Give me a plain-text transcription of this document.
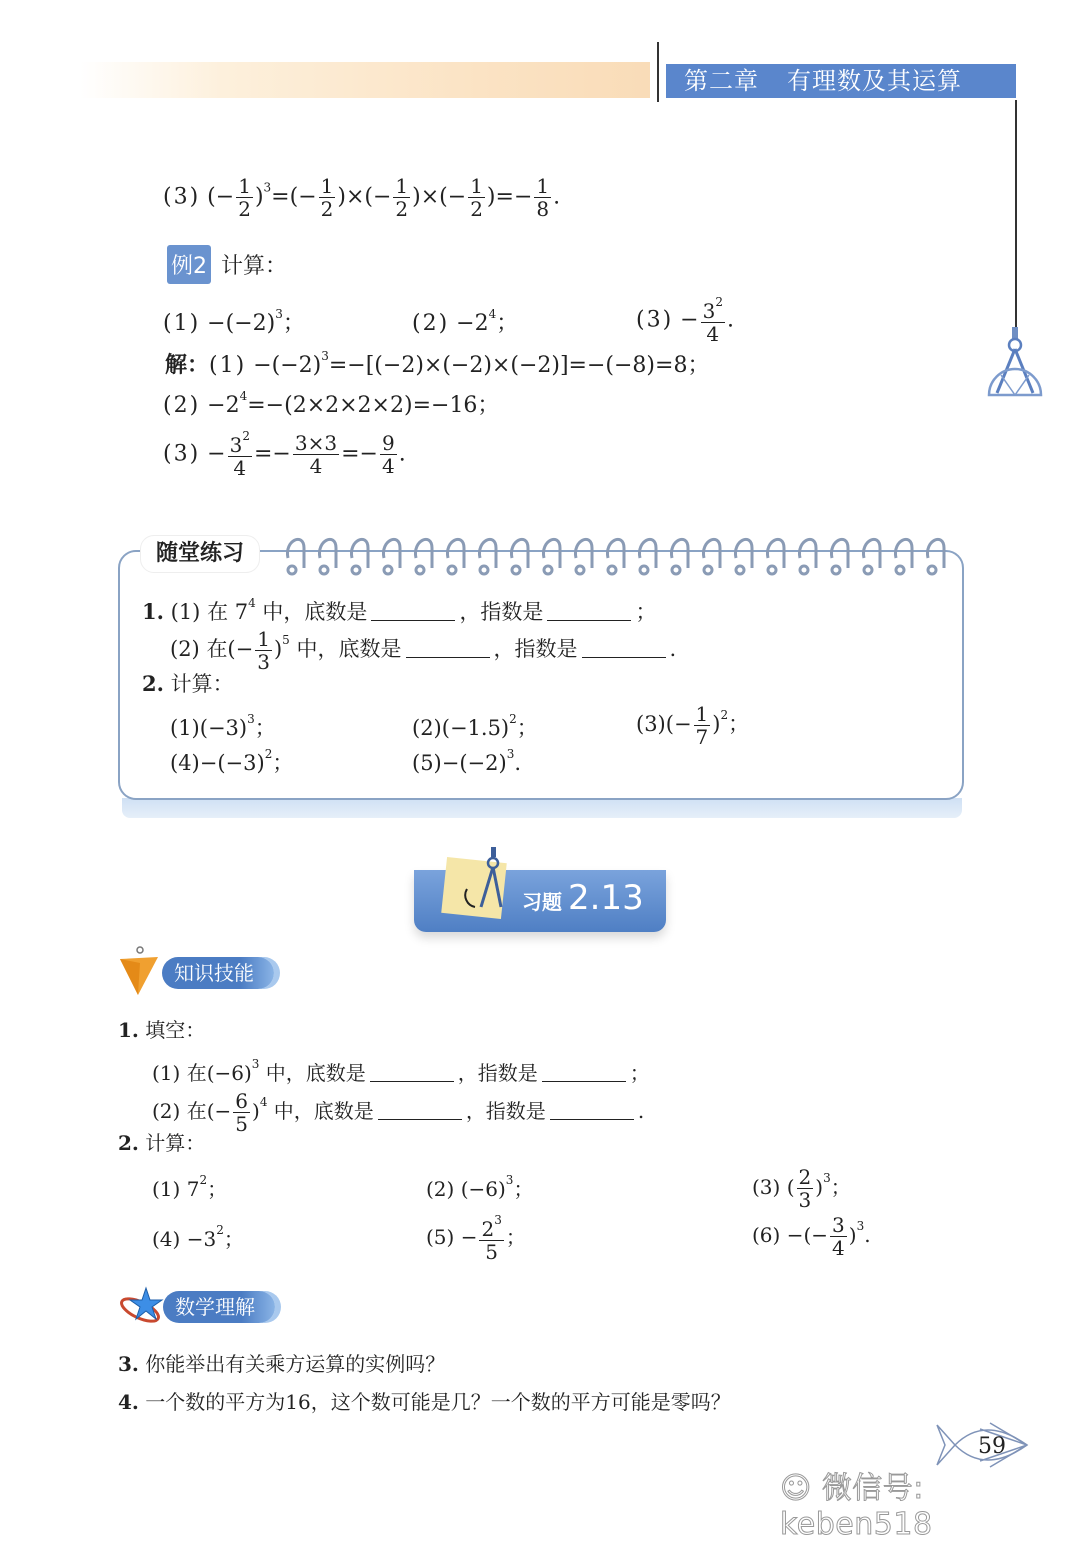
第二章 有理数及其运算
(3) (− $\frac{1}{2} )^3=(- \frac{1}{2}$ )×(− $\frac{1}{2}$ )×(− $\frac{1}{2}$ )=− $\frac{1}{8}$ .
例2 计算：
$(1) -(-2)^3$；	$(2) -2^4$；	$(3) - \frac{3^2}{4}$ .
解：$(1) -(-2)^3=-[(-2)\times(-2)\times(-2)]=-(-8)=8$；
$(2) -2^4=-(2\times 2\times 2\times 2)=-16$；
$(3) - \frac{3^2}{4} =- \frac{3\times 3}{4} =- \frac{9}{4}$ .
随堂练习
1. (1) 在 $7^4$ 中，底数是	，指数是	；
(2) 在(− $\frac{1}{3} )^5$ 中，底数是	，指数是	.
2. 计算：
$(1)(-3)^3$；	$(2)(-1.5)^2$；	$(3)(- \frac{1}{7} )^2$；
$(4)-(-3)^2$；	$(5)-(-2)^3$.
习题 2.13
知识技能
1. 填空：
(1) 在$(-6)^3$ 中，底数是	，指数是	；
(2) 在(− $\frac{6}{5} )^4$ 中，底数是	，指数是	.
2. 计算：
(1) $7^2$；	(2) $(-6)^3$；	(3) ( $\frac{2}{3} )^3$；
$(4) -3^2$；	$(5) - \frac{2^3}{5}$ ；	(6) −(− $\frac{3}{4} )^3$.
数学理解
3. 你能举出有关乘方运算的实例吗？
4. 一个数的平方为16，这个数可能是几？一个数的平方可能是零吗？
59
☺ 微信号: keben518
